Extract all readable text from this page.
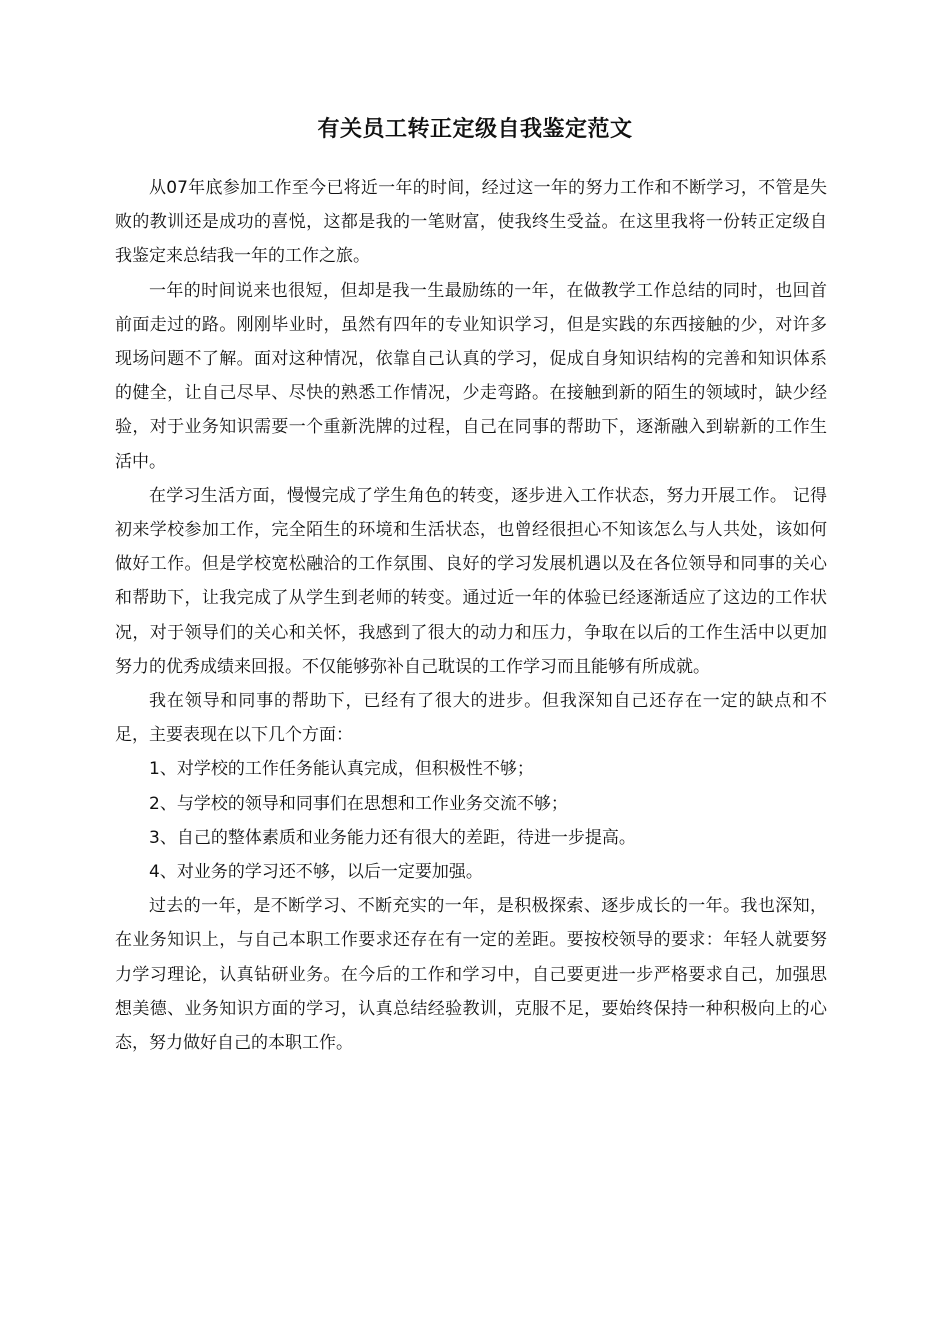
有关员工转正定级自我鉴定范文

从07年底参加工作至今已将近一年的时间，经过这一年的努力工作和不断学习，不管是失败的教训还是成功的喜悦，这都是我的一笔财富，使我终生受益。在这里我将一份转正定级自我鉴定来总结我一年的工作之旅。

一年的时间说来也很短，但却是我一生最励练的一年，在做教学工作总结的同时，也回首前面走过的路。刚刚毕业时，虽然有四年的专业知识学习，但是实践的东西接触的少，对许多现场问题不了解。面对这种情况，依靠自己认真的学习，促成自身知识结构的完善和知识体系的健全，让自己尽早、尽快的熟悉工作情况，少走弯路。在接触到新的陌生的领域时，缺少经验，对于业务知识需要一个重新洗牌的过程，自己在同事的帮助下，逐渐融入到崭新的工作生活中。

在学习生活方面，慢慢完成了学生角色的转变，逐步进入工作状态，努力开展工作。 记得初来学校参加工作，完全陌生的环境和生活状态，也曾经很担心不知该怎么与人共处，该如何做好工作。但是学校宽松融洽的工作氛围、良好的学习发展机遇以及在各位领导和同事的关心和帮助下，让我完成了从学生到老师的转变。通过近一年的体验已经逐渐适应了这边的工作状况，对于领导们的关心和关怀，我感到了很大的动力和压力，争取在以后的工作生活中以更加努力的优秀成绩来回报。不仅能够弥补自己耽误的工作学习而且能够有所成就。

我在领导和同事的帮助下，已经有了很大的进步。但我深知自己还存在一定的缺点和不足，主要表现在以下几个方面：

1、对学校的工作任务能认真完成，但积极性不够；

2、与学校的领导和同事们在思想和工作业务交流不够；

3、自己的整体素质和业务能力还有很大的差距，待进一步提高。

4、对业务的学习还不够，以后一定要加强。

过去的一年，是不断学习、不断充实的一年，是积极探索、逐步成长的一年。我也深知，在业务知识上，与自己本职工作要求还存在有一定的差距。要按校领导的要求：年轻人就要努力学习理论，认真钻研业务。在今后的工作和学习中，自己要更进一步严格要求自己，加强思想美德、业务知识方面的学习，认真总结经验教训，克服不足，要始终保持一种积极向上的心态，努力做好自己的本职工作。
